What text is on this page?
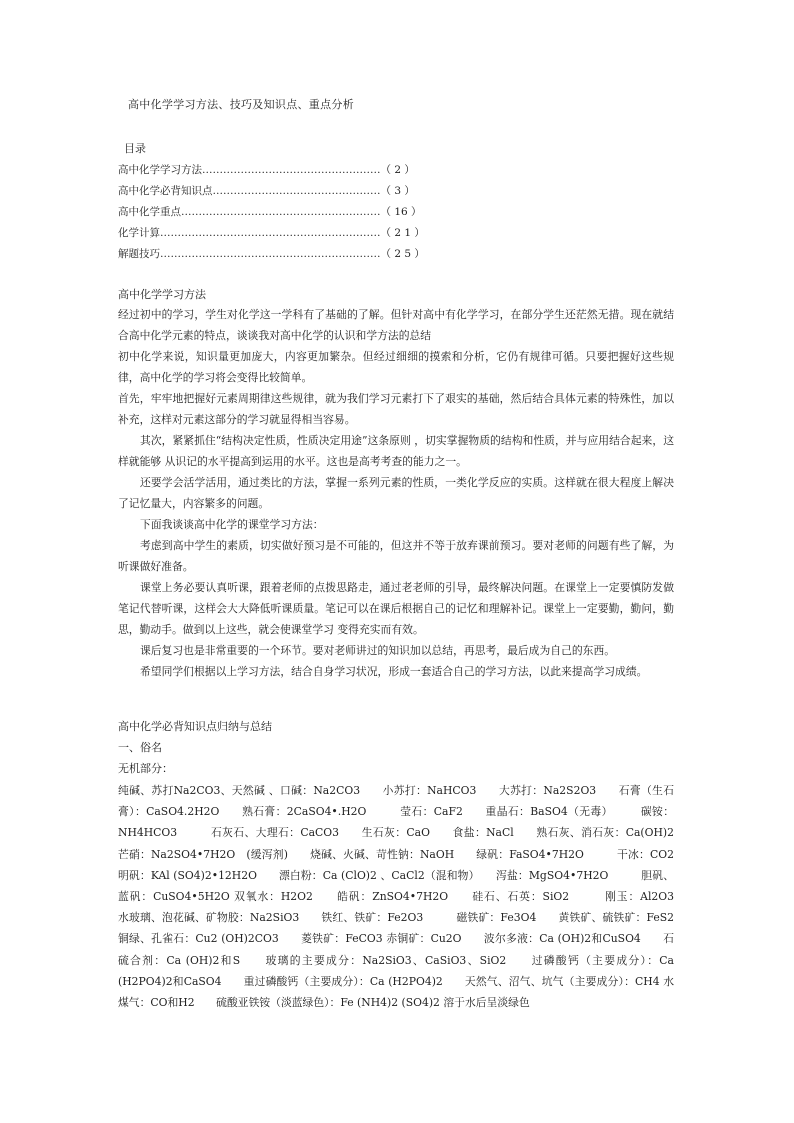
高中化学学习方法、技巧及知识点、重点分析
目录
高中化学学习方法……………………………………………（ 2 ）
高中化学必背知识点…………………………………………（ 3 ）
高中化学重点…………………………………………………（ 16 ）
化学计算………………………………………………………（ 2 1 ）
解题技巧………………………………………………………（ 2 5 ）
高中化学学习方法
经过初中的学习，学生对化学这一学科有了基础的了解。但针对高中有化学学习，在部分学生还茫然无措。现在就结合高中化学元素的特点，谈谈我对高中化学的认识和学方法的总结
初中化学来说，知识量更加庞大，内容更加繁杂。但经过细细的摸索和分析，它仍有规律可循。只要把握好这些规律，高中化学的学习将会变得比较简单。
首先，牢牢地把握好元素周期律这些规律，就为我们学习元素打下了艰实的基础，然后结合具体元素的特殊性，加以补充，这样对元素这部分的学习就显得相当容易。
其次，紧紧抓住“结构决定性质，性质决定用途”这条原则 ，切实掌握物质的结构和性质，并与应用结合起来，这样就能够 从识记的水平提高到运用的水平。这也是高考考查的能力之一。
还要学会活学活用，通过类比的方法，掌握一系列元素的性质，一类化学反应的实质。这样就在很大程度上解决了记忆量大，内容繁多的问题。
下面我谈谈高中化学的课堂学习方法：
考虑到高中学生的素质，切实做好预习是不可能的，但这并不等于放弃课前预习。要对老师的问题有些了解，为听课做好准备。
课堂上务必要认真听课，跟着老师的点拨思路走，通过老老师的引导，最终解决问题。在课堂上一定要慎防发做笔记代替听课，这样会大大降低听课质量。笔记可以在课后根据自己的记忆和理解补记。课堂上一定要勤，勤问，勤思，勤动手。做到以上这些，就会使课堂学习 变得充实而有效。
课后复习也是非常重要的一个环节。要对老师讲过的知识加以总结，再思考，最后成为自己的东西。
希望同学们根据以上学习方法，结合自身学习状况，形成一套适合自己的学习方法，以此来提高学习成绩。
高中化学必背知识点归纳与总结
一、俗名
无机部分：
纯碱、苏打Na2CO3、天然碱 、口碱：Na2CO3　　小苏打：NaHCO3　　大苏打：Na2S2O3　　石膏（生石膏）：CaSO4.2H2O　　熟石膏：2CaSO4•.H2O　　　莹石：CaF2　　重晶石：BaSO4（无毒）　　　碳铵：NH4HCO3　　　石灰石、大理石：CaCO3　　生石灰：CaO　　食盐：NaCl　　熟石灰、消石灰：Ca(OH)2　　芒硝：Na2SO4•7H2O　(缓泻剂)　　烧碱、火碱、苛性钠：NaOH　　绿矾：FaSO4•7H2O　　　干冰：CO2　　明矾：KAl (SO4)2•12H2O　　漂白粉：Ca (ClO)2 、CaCl2（混和物）　　泻盐：MgSO4•7H2O　　　胆矾、蓝矾：CuSO4•5H2O 双氧水：H2O2　　皓矾：ZnSO4•7H2O　　硅石、石英：SiO2　　　刚玉：Al2O3　　水玻璃、泡花碱、矿物胶：Na2SiO3　　铁红、铁矿：Fe2O3　　　磁铁矿：Fe3O4　　黄铁矿、硫铁矿：FeS2　　铜绿、孔雀石：Cu2 (OH)2CO3　　菱铁矿：FeCO3 赤铜矿：Cu2O　　波尔多液：Ca (OH)2和CuSO4　　石硫合剂：Ca (OH)2和S　　玻璃的主要成分：Na2SiO3、CaSiO3、SiO2　　过磷酸钙（主要成分）：Ca (H2PO4)2和CaSO4　　重过磷酸钙（主要成分）：Ca (H2PO4)2　　天然气、沼气、坑气（主要成分）：CH4 水煤气：CO和H2　　硫酸亚铁铵（淡蓝绿色）：Fe (NH4)2 (SO4)2 溶于水后呈淡绿色
